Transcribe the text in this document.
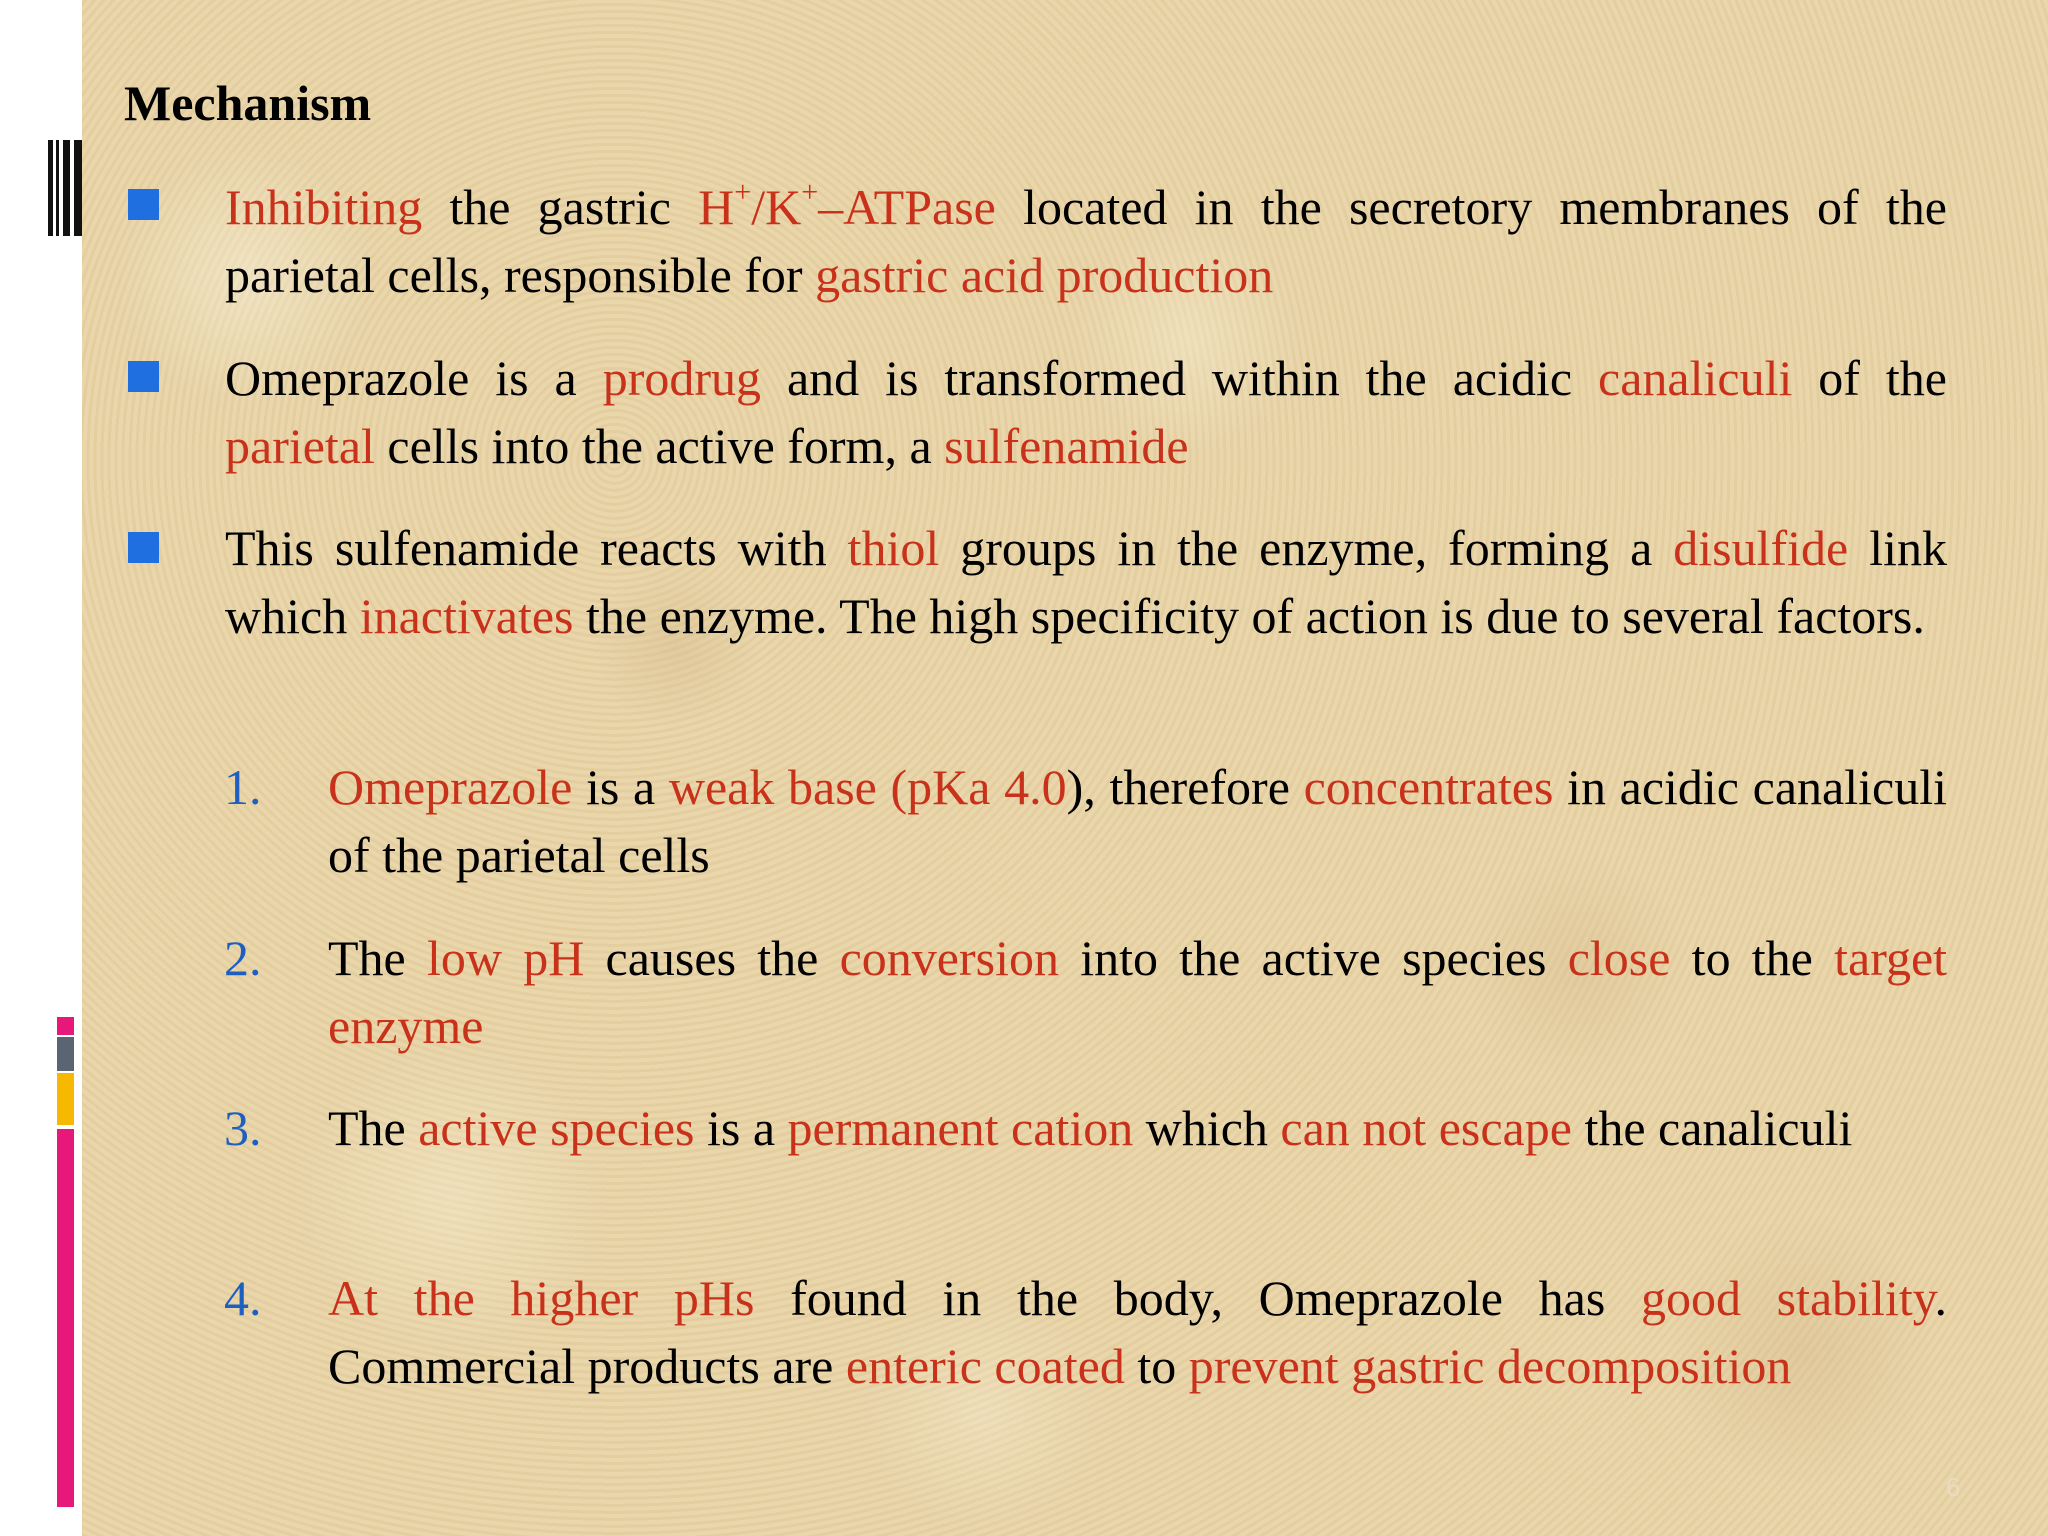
Mechanism

Inhibiting the gastric H+/K+–ATPase located in the secretory membranes of the parietal cells, responsible for gastric acid production

Omeprazole is a prodrug and is transformed within the acidic canaliculi of the parietal cells into the active form, a sulfenamide

This sulfenamide reacts with thiol groups in the enzyme, forming a disulfide link which inactivates the enzyme. The high specificity of action is due to several factors.

1. Omeprazole is a weak base (pKa 4.0), therefore concentrates in acidic canaliculi of the parietal cells

2. The low pH causes the conversion into the active species close to the target enzyme

3. The active species is a permanent cation which can not escape the canaliculi

4. At the higher pHs found in the body, Omeprazole has good stability. Commercial products are enteric coated to prevent gastric decomposition

6
